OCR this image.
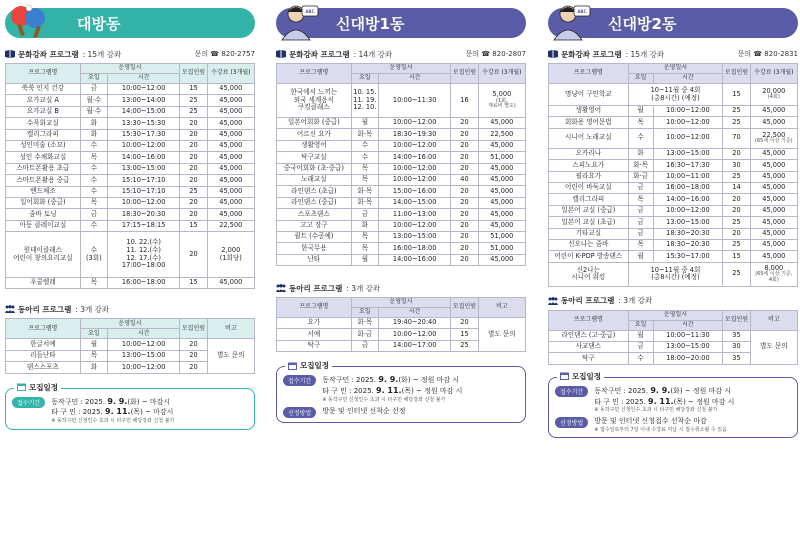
대방동
문화강좌 프로그램 : 15개 강좌	문의 ☎ 820-2757
프로그램명	운영일시		모집인원	수강료 (3개월)
	요일	시간		
쑥쑥 인지 건강	금	10:00~12:00	15	45,000
요가교실 A	월·수	13:00~14:00	25	45,000
요가교실 B	월·수	14:00~15:00	25	45,000
수묵화교실	화	13:30~15:30	20	45,000
캘리그라피	화	15:30~17:30	20	45,000
성인미술 (소묘)	수	10:00~12:00	20	45,000
성인 수채화교실	목	14:00~16:00	20	45,000
스마트폰활용 초급	수	13:00~15:00	20	45,000
스마트폰활용 중급	수	15:10~17:10	20	45,000
밴드체조	수	15:10~17:10	25	45,000
일어회화 (중급)	목	10:00~12:00	20	45,000
줌바 토닝	금	18:30~20:30	20	45,000
아동 클레이교실	수	17:15~18:15	15	22,500
원데이클래스
어린이 창의요리교실	수
(3회)	10. 22.(수)
11. 12.(수)
12. 17.(수)
17:00~18:00	20	2,000
(1회당)
우쿨렐레	목	16:00~18:00	15	45,000
동아리 프로그램 : 3개 강좌
프로그램명	운영일시		모집인원	비고
	요일	시간		
한글서예	월	10:00~12:00	20	별도 문의
리듬난타	목	13:00~15:00	20	
댄스스포츠	화	10:00~12:00	20	
모집일정
접수기간	동작구민 : 2025. 9. 9.(화) ~ 마감시
타 구 민 : 2025. 9. 11.(목) ~ 마감시
※ 동작구민 신청인수 초과 시 타구민 해당강좌 신청 불가
ABC
신대방1동
문화강좌 프로그램 : 14개 강좌	문의 ☎ 820-2807
프로그램명	운영일시		모집인원	수강료 (3개월)
	요일	시간		
한국에서 느끼는
외국 세계음식
쿠킹클래스	10. 15.
11. 19.
12. 10.	10:00~11:30	16	5,000
(1회,
재료비 별도)

일본어회화 (중급)	월	10:00~12:00	20	45,000
어르신 요가	화·목	18:30~19:30	20	22,500
생활영어	수	10:00~12:00	20	45,000
탁구교실	수	14:00~16:00	20	51,000
중국어회화 (초·중급)	목	10:00~12:00	20	45,000
노래교실	목	10:00~12:00	40	45,000
라인댄스 (초급)	화·목	15:00~16:00	20	45,000
라인댄스 (중급)	화·목	14:00~15:00	20	45,000
스포츠댄스	금	11:00~13:00	20	45,000
고고 장구	화	10:00~12:00	20	45,000
퀼트 (수공예)	목	13:00~15:00	20	51,000
한국무용	목	16:00~18:00	20	51,000
난타	월	14:00~16:00	20	45,000
동아리 프로그램 : 3개 강좌
프로그램명	운영일시		모집인원	비고
	요일	시간		
요가	화·목	19:40~20:40	20	별도 문의
서예	화·금	10:00~12:00	15	
탁구	금	14:00~17:00	25	
모집일정
접수기간	동작구민 : 2025. 9. 9.(화) ~ 정원 마감 시
타 구 민 : 2025. 9. 11.(목) ~ 정원 마감 시
※ 동작구민 신청인수 초과 시 타구민 해당강좌 신청 불가
선정방법	방문 및 인터넷 선착순 선정
ABC
신대방2동
문화강좌 프로그램 : 15개 강좌	문의 ☎ 820-2831
프로그램명	운영일시		모집인원	수강료 (3개월)
	요일	시간		
명냥이 구민학교	10~11월 중 4회
(총8시간) (예정)		15	20,000
(4회)

생활영어	월	10:00~12:00	25	45,000
회화용 영어문법	목	10:00~12:00	25	45,000
시니어 노래교실	수	10:00~12:00	70	22,500
(65세 이상 기준)

오카리나	화	13:00~15:00	20	45,000
스피노요가	화·목	16:30~17:30	30	45,000
필라요가	화·금	10:00~11:00	25	45,000
어린이 바둑교실	금	16:00~18:00	14	45,000
캘리그라피	목	14:00~16:00	20	45,000
일본어 교실 (중급)	금	10:00~12:00	20	45,000
일본어 교실 (초급)	금	13:00~15:00	25	45,000
기타교실	금	18:30~20:30	20	45,000
신오나는 줌바	목	18:30~20:30	25	45,000
어린이 K-POP 방송댄스	월	15:30~17:00	15	45,000
신2나는
시니어 워킹	10~11월 중 4회
(총8시간) (예정)		25	8,000
(65세 이상 기준,
4회)
동아리 프로그램 : 3개 강좌
프로그램명	운영일시		모집인원	비고
	요일	시간		
라인댄스 (고·중급)	월	10:00~11:30	35	별도 문의
사교댄스	금	13:00~15:00	30	
탁구	수	18:00~20:00	35	
모집일정
접수기간	동작구민 : 2025. 9. 9.(화) ~ 정원 마감 시
타 구 민 : 2025. 9. 11.(목) ~ 정원 마감 시
※ 동작구민 신청인수 초과 시 타구민 해당강좌 신청 불가
선정방법	방문 및 인터넷 신청접수 선착순 마감
※ 접수일로부터 7일 이내 수강료 미납 시 접수취소될 수 있음
